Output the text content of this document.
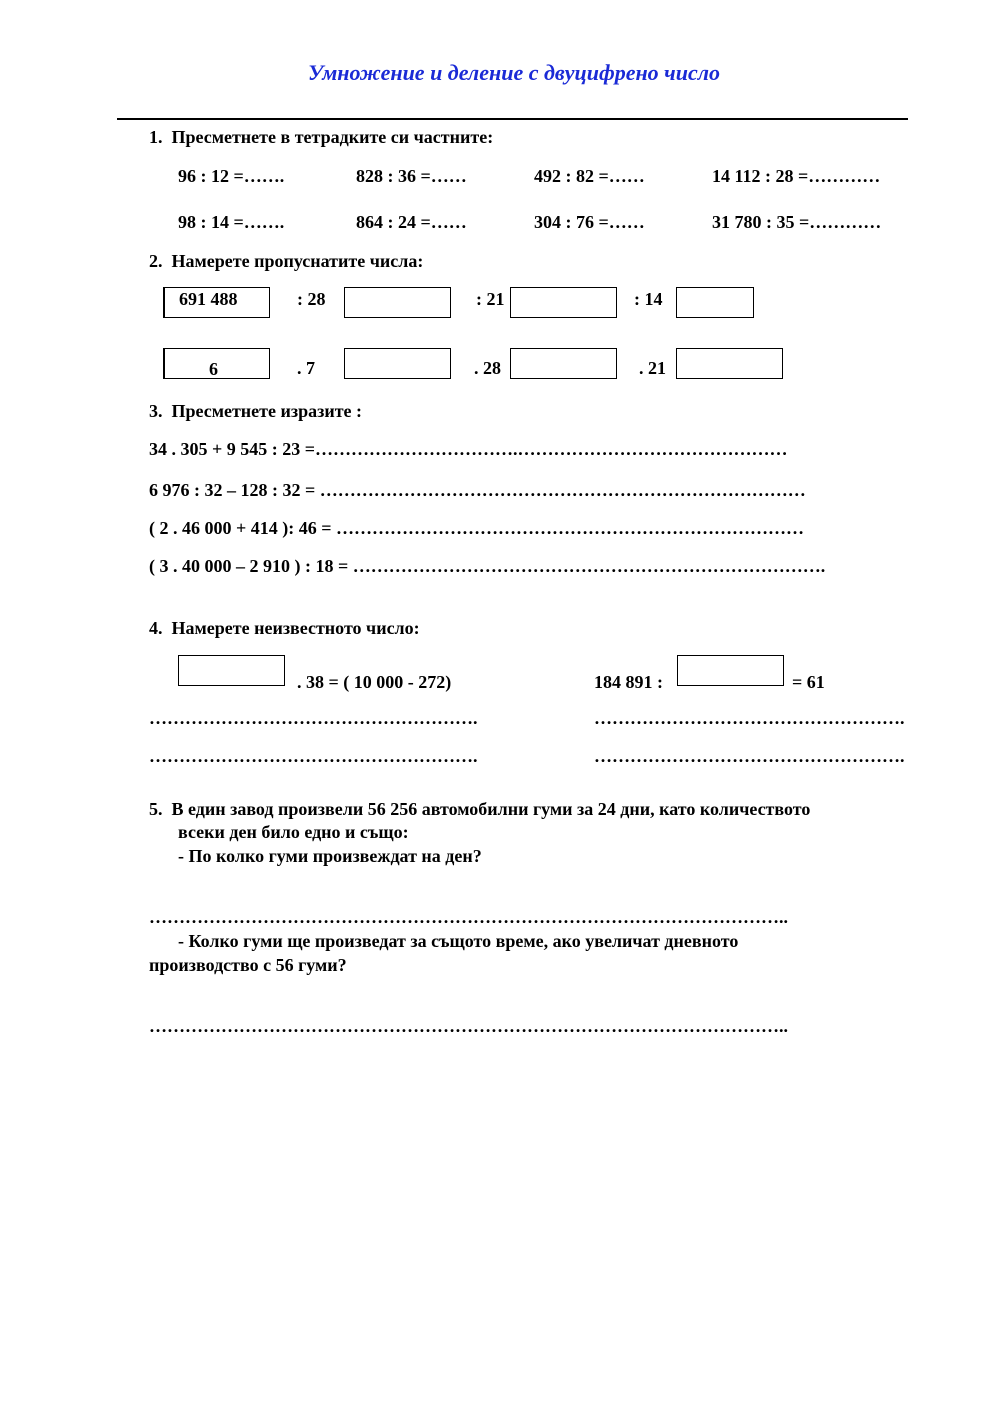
Умножение и деление с двуцифрено число
1.  Пресметнете в тетрадките си частните:
96 : 12 =…….	828 : 36 =……	492 : 82 =……	14 112 : 28 =…………
98 : 14 =…….	864 : 24 =……	304 : 76 =……	31 780 : 35 =…………
2.  Намерете пропуснатите числа:
691 488	: 28	: 21	: 14
6	. 7	. 28	. 21
3.  Пресметнете изразите :
34 . 305 + 9 545 : 23 =…………………………….………………………………………
6 976 : 32 – 128 : 32 = ………………………………………………………………………
( 2 . 46 000 + 414 ): 46 = ……………………………………………………………………
( 3 . 40 000 – 2 910 ) : 18 = …………………………………………………………………….
4.  Намерете неизвестното число:
. 38 = ( 10 000 - 272)	184 891 :	= 61
……………………………………………….	…………………………………………….
……………………………………………….	…………………………………………….
5.  В един завод произвели 56 256 автомобилни гуми за 24 дни, като количеството
всеки ден било едно и също:
- По колко гуми произвеждат на ден?
……………………………………………………………………………………………..
- Колко гуми ще произведат за същото време, ако увеличат дневното
производство с 56 гуми?
……………………………………………………………………………………………..
